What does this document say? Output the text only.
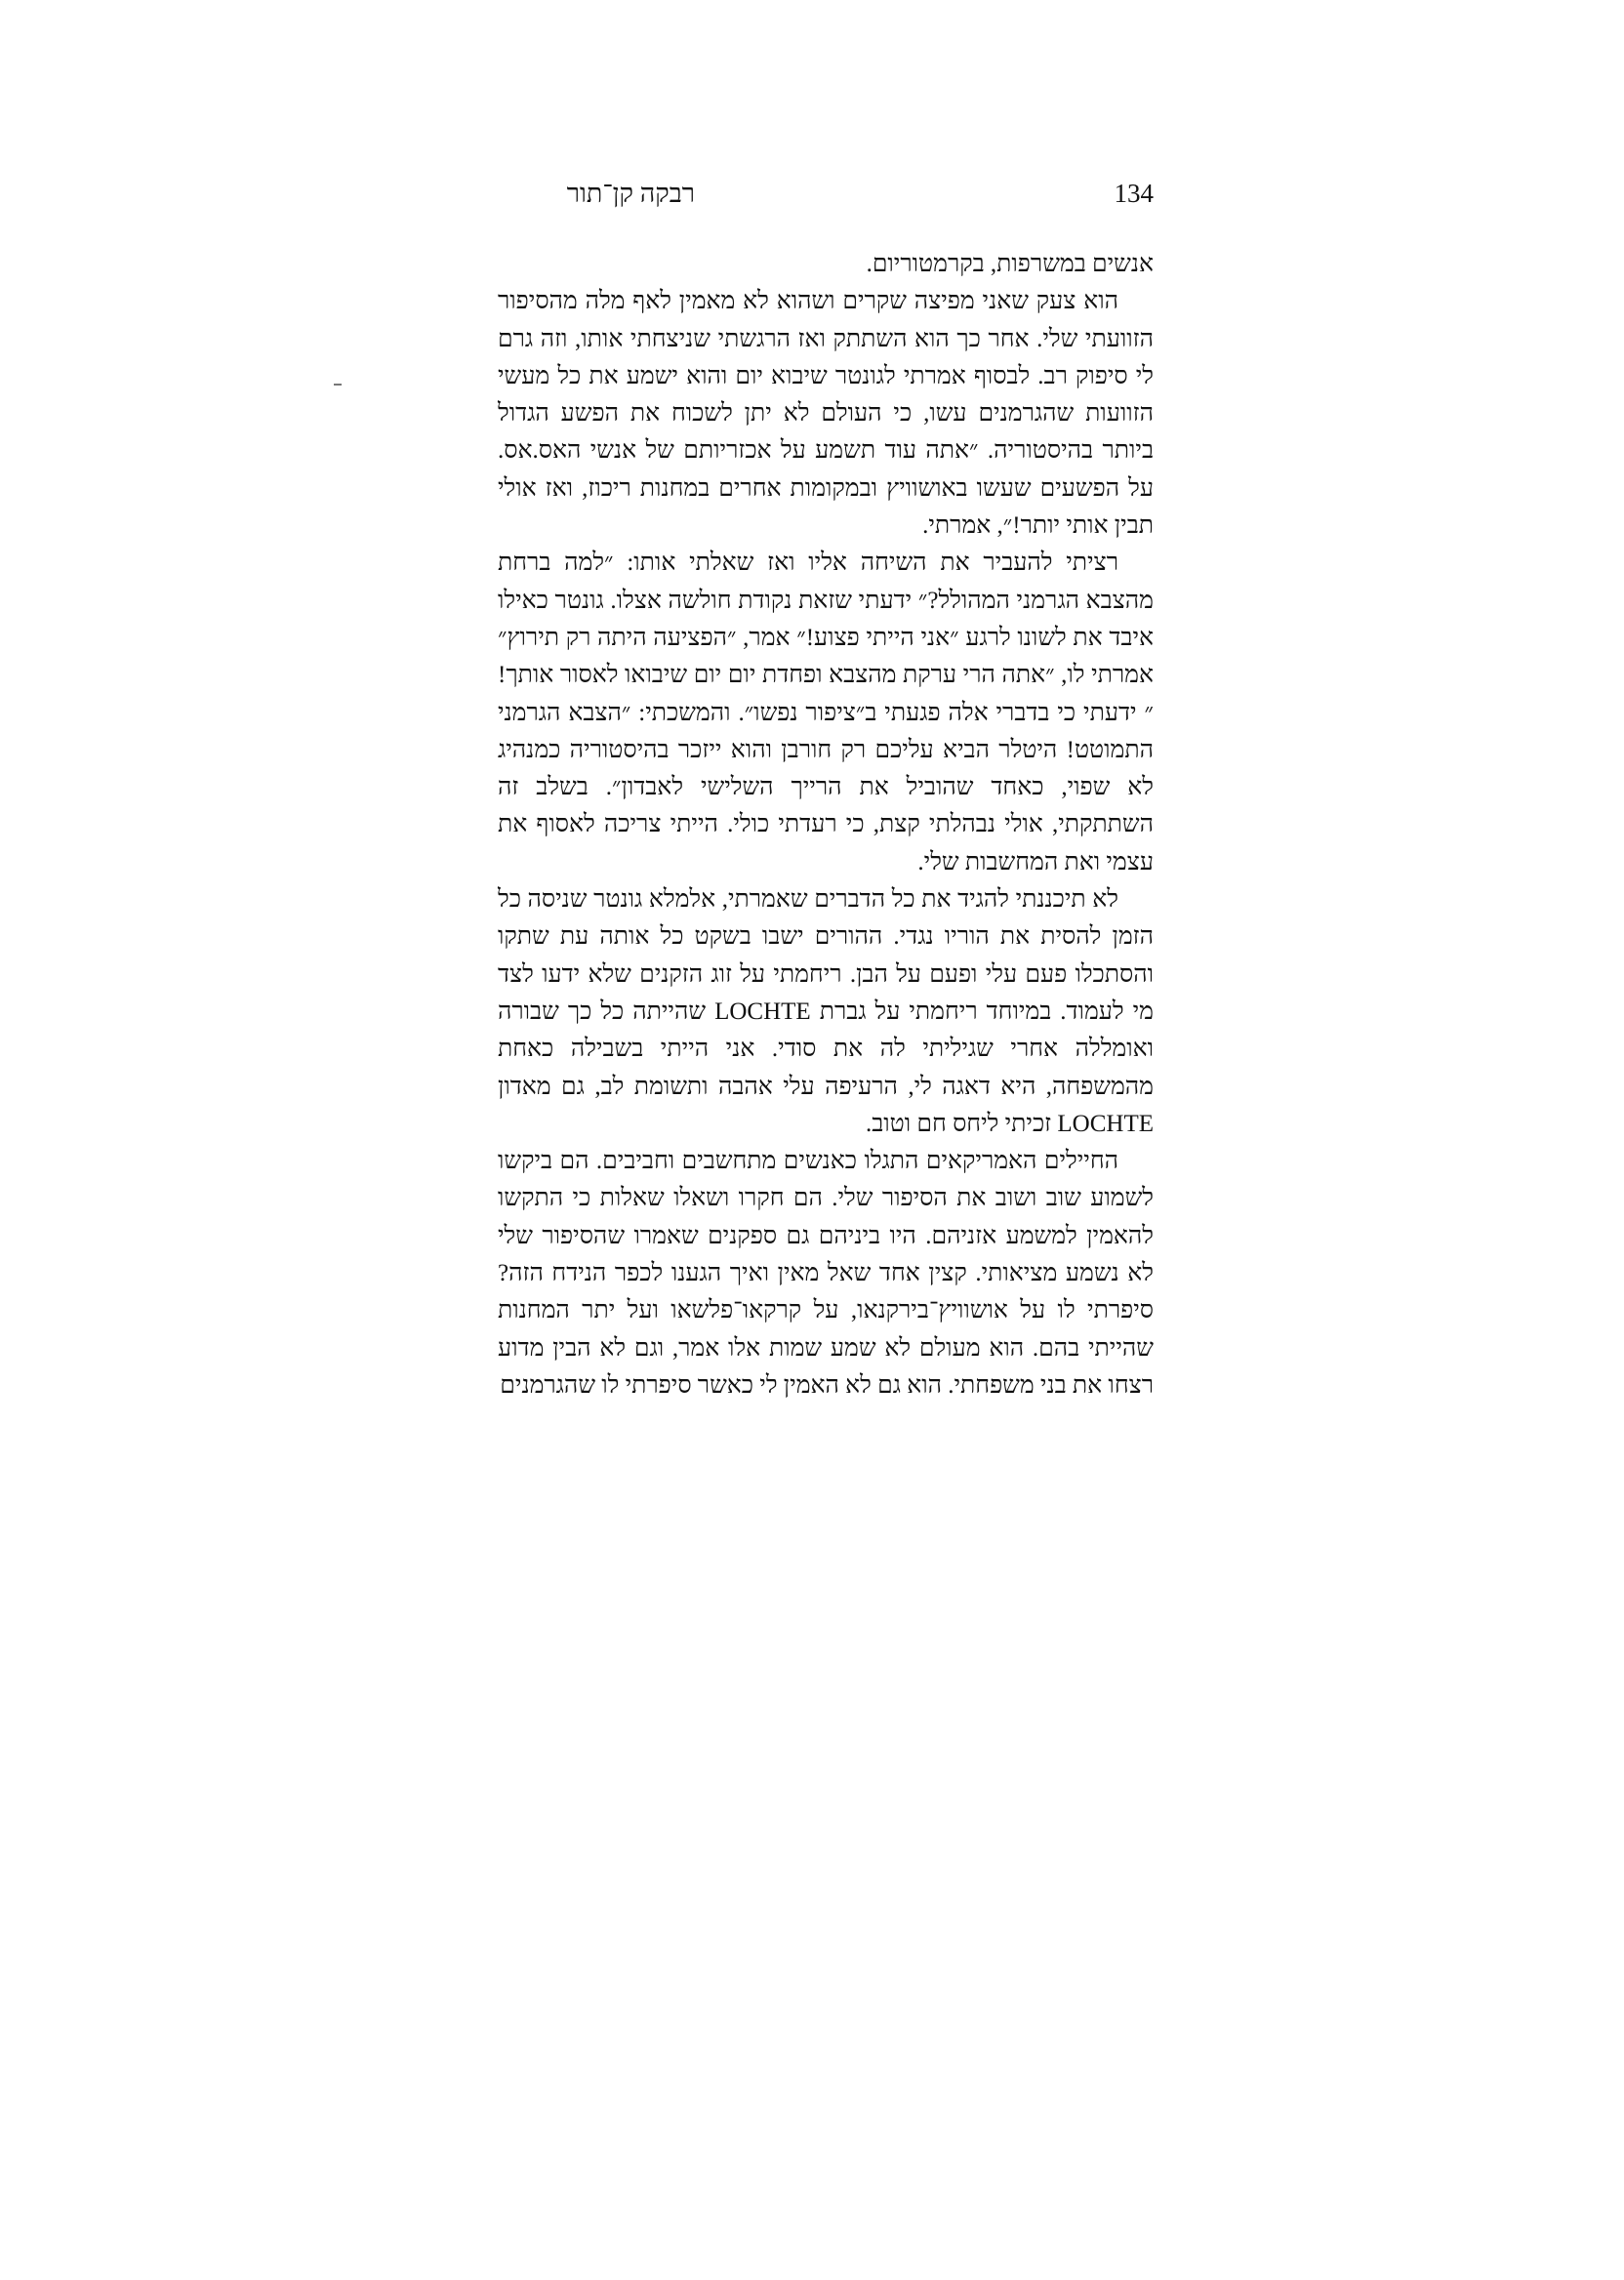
רבקה קן־תור	134

אנשים במשרפות, בקרמטוריום.

הוא צעק שאני מפיצה שקרים ושהוא לא מאמין לאף מלה מהסיפור הזוועתי שלי. אחר כך הוא השתתק ואז הרגשתי שניצחתי אותו, וזה גרם לי סיפוק רב. לבסוף אמרתי לגונטר שיבוא יום והוא ישמע את כל מעשי הזוועות שהגרמנים עשו, כי העולם לא יתן לשכוח את הפשע הגדול ביותר בהיסטוריה. ״אתה עוד תשמע על אכזריותם של אנשי האס.אס. על הפשעים שעשו באושוויץ ובמקומות אחרים במחנות ריכוז, ואז אולי תבין אותי יותר!״, אמרתי.

רציתי להעביר את השיחה אליו ואז שאלתי אותו: ״למה ברחת מהצבא הגרמני המהולל?״ ידעתי שזאת נקודת חולשה אצלו. גונטר כאילו איבד את לשונו לרגע ״אני הייתי פצוע!״ אמר, ״הפציעה היתה רק תירוץ״ אמרתי לו, ״אתה הרי ערקת מהצבא ופחדת יום יום שיבואו לאסור אותך!״ ידעתי כי בדברי אלה פגעתי ב״ציפור נפשו״. והמשכתי: ״הצבא הגרמני התמוטט! היטלר הביא עליכם רק חורבן והוא ייזכר בהיסטוריה כמנהיג לא שפוי, כאחד שהוביל את הרייך השלישי לאבדון״. בשלב זה השתתקתי, אולי נבהלתי קצת, כי רעדתי כולי. הייתי צריכה לאסוף את עצמי ואת המחשבות שלי.

לא תיכננתי להגיד את כל הדברים שאמרתי, אלמלא גונטר שניסה כל הזמן להסית את הוריו נגדי. ההורים ישבו בשקט כל אותה עת שתקו והסתכלו פעם עלי ופעם על הבן. ריחמתי על זוג הזקנים שלא ידעו לצד מי לעמוד. במיוחד ריחמתי על גברת LOCHTE שהייתה כל כך שבורה ואומללה אחרי שגיליתי לה את סודי. אני הייתי בשבילה כאחת מהמשפחה, היא דאגה לי, הרעיפה עלי אהבה ותשומת לב, גם מאדון LOCHTE זכיתי ליחס חם וטוב.

החיילים האמריקאים התגלו כאנשים מתחשבים וחביבים. הם ביקשו לשמוע שוב ושוב את הסיפור שלי. הם חקרו ושאלו שאלות כי התקשו להאמין למשמע אזניהם. היו ביניהם גם ספקנים שאמרו שהסיפור שלי לא נשמע מציאותי. קצין אחד שאל מאין ואיך הגענו לכפר הנידח הזה? סיפרתי לו על אושוויץ־בירקנאו, על קרקאו־פלשאו ועל יתר המחנות שהייתי בהם. הוא מעולם לא שמע שמות אלו אמר, וגם לא הבין מדוע רצחו את בני משפחתי. הוא גם לא האמין לי כאשר סיפרתי לו שהגרמנים
